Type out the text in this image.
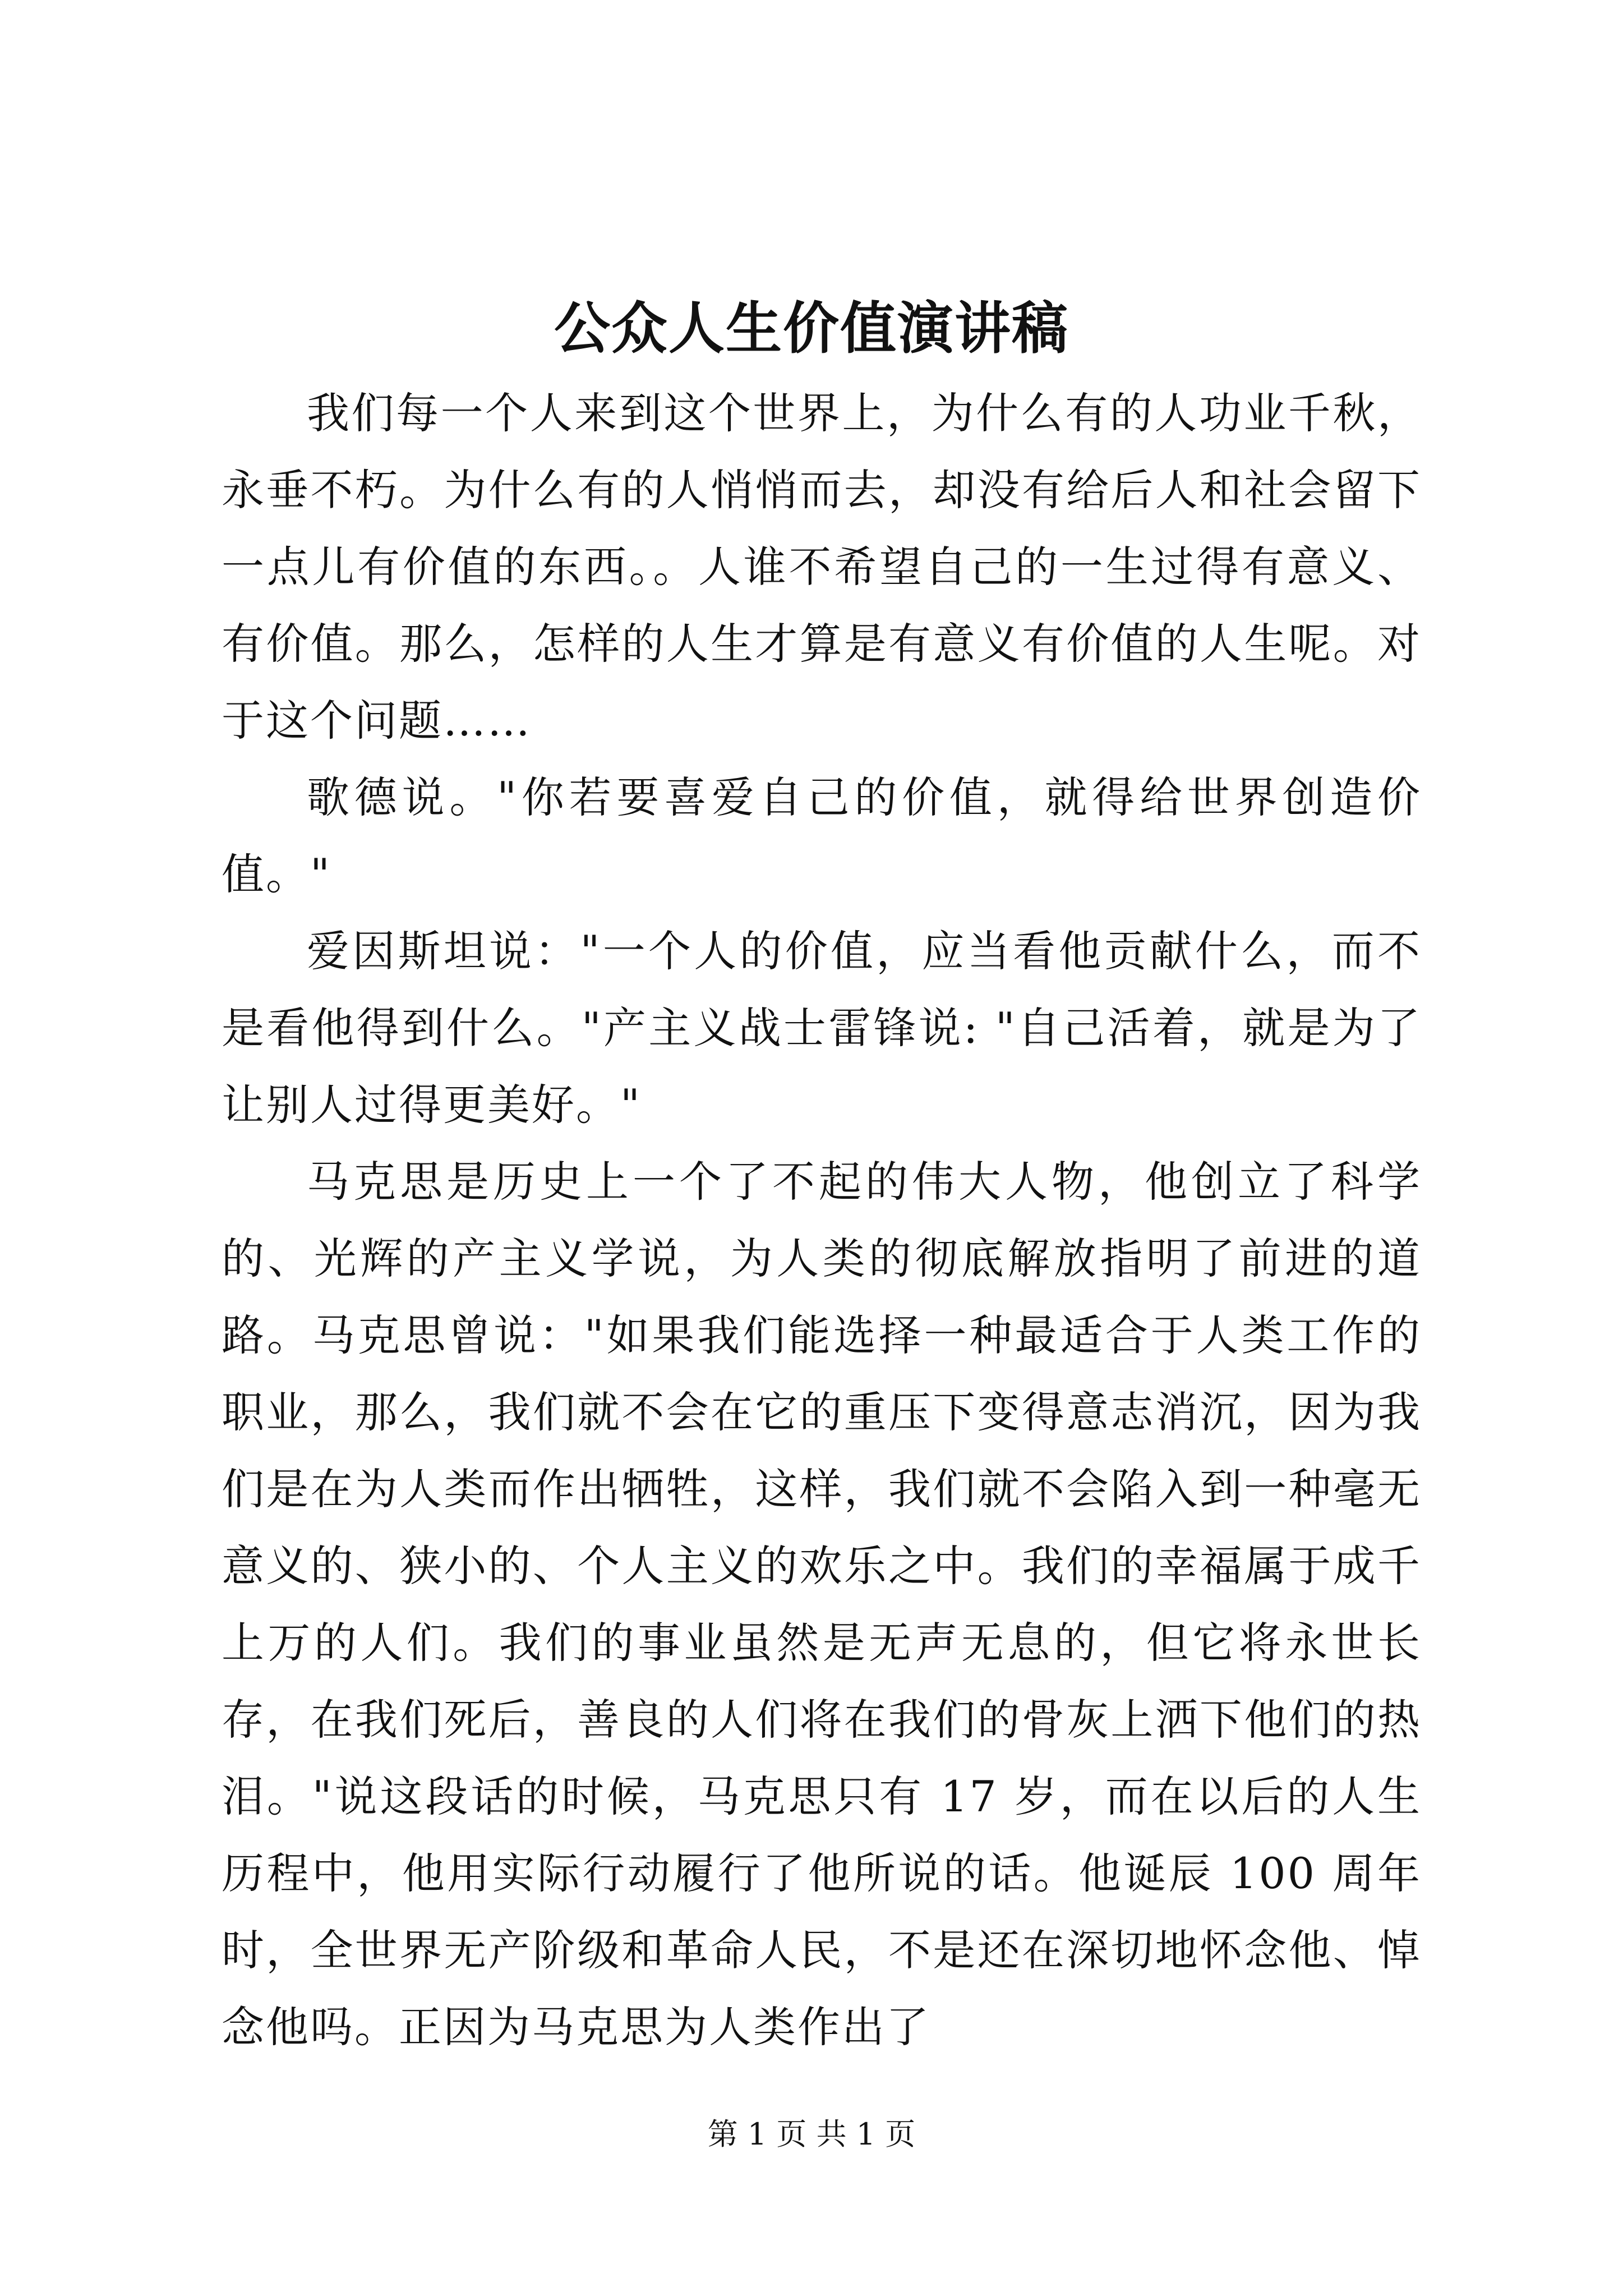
公众人生价值演讲稿

我们每一个人来到这个世界上，为什么有的人功业千秋，永垂不朽。为什么有的人悄悄而去，却没有给后人和社会留下一点儿有价值的东西。。人谁不希望自己的一生过得有意义、有价值。那么，怎样的人生才算是有意义有价值的人生呢。对于这个问题……

歌德说。"你若要喜爱自己的价值，就得给世界创造价值。"

爱因斯坦说："一个人的价值，应当看他贡献什么，而不是看他得到什么。"产主义战士雷锋说: "自己活着，就是为了让别人过得更美好。"

马克思是历史上一个了不起的伟大人物，他创立了科学的、光辉的产主义学说，为人类的彻底解放指明了前进的道路。马克思曾说："如果我们能选择一种最适合于人类工作的职业，那么，我们就不会在它的重压下变得意志消沉，因为我们是在为人类而作出牺牲，这样，我们就不会陷入到一种毫无意义的、狭小的、个人主义的欢乐之中。我们的幸福属于成千上万的人们。我们的事业虽然是无声无息的，但它将永世长存，在我们死后，善良的人们将在我们的骨灰上洒下他们的热泪。"说这段话的时候，马克思只有 17 岁，而在以后的人生历程中，他用实际行动履行了他所说的话。他诞辰 100 周年时，全世界无产阶级和革命人民，不是还在深切地怀念他、悼念他吗。正因为马克思为人类作出了

第 1 页 共 1 页
